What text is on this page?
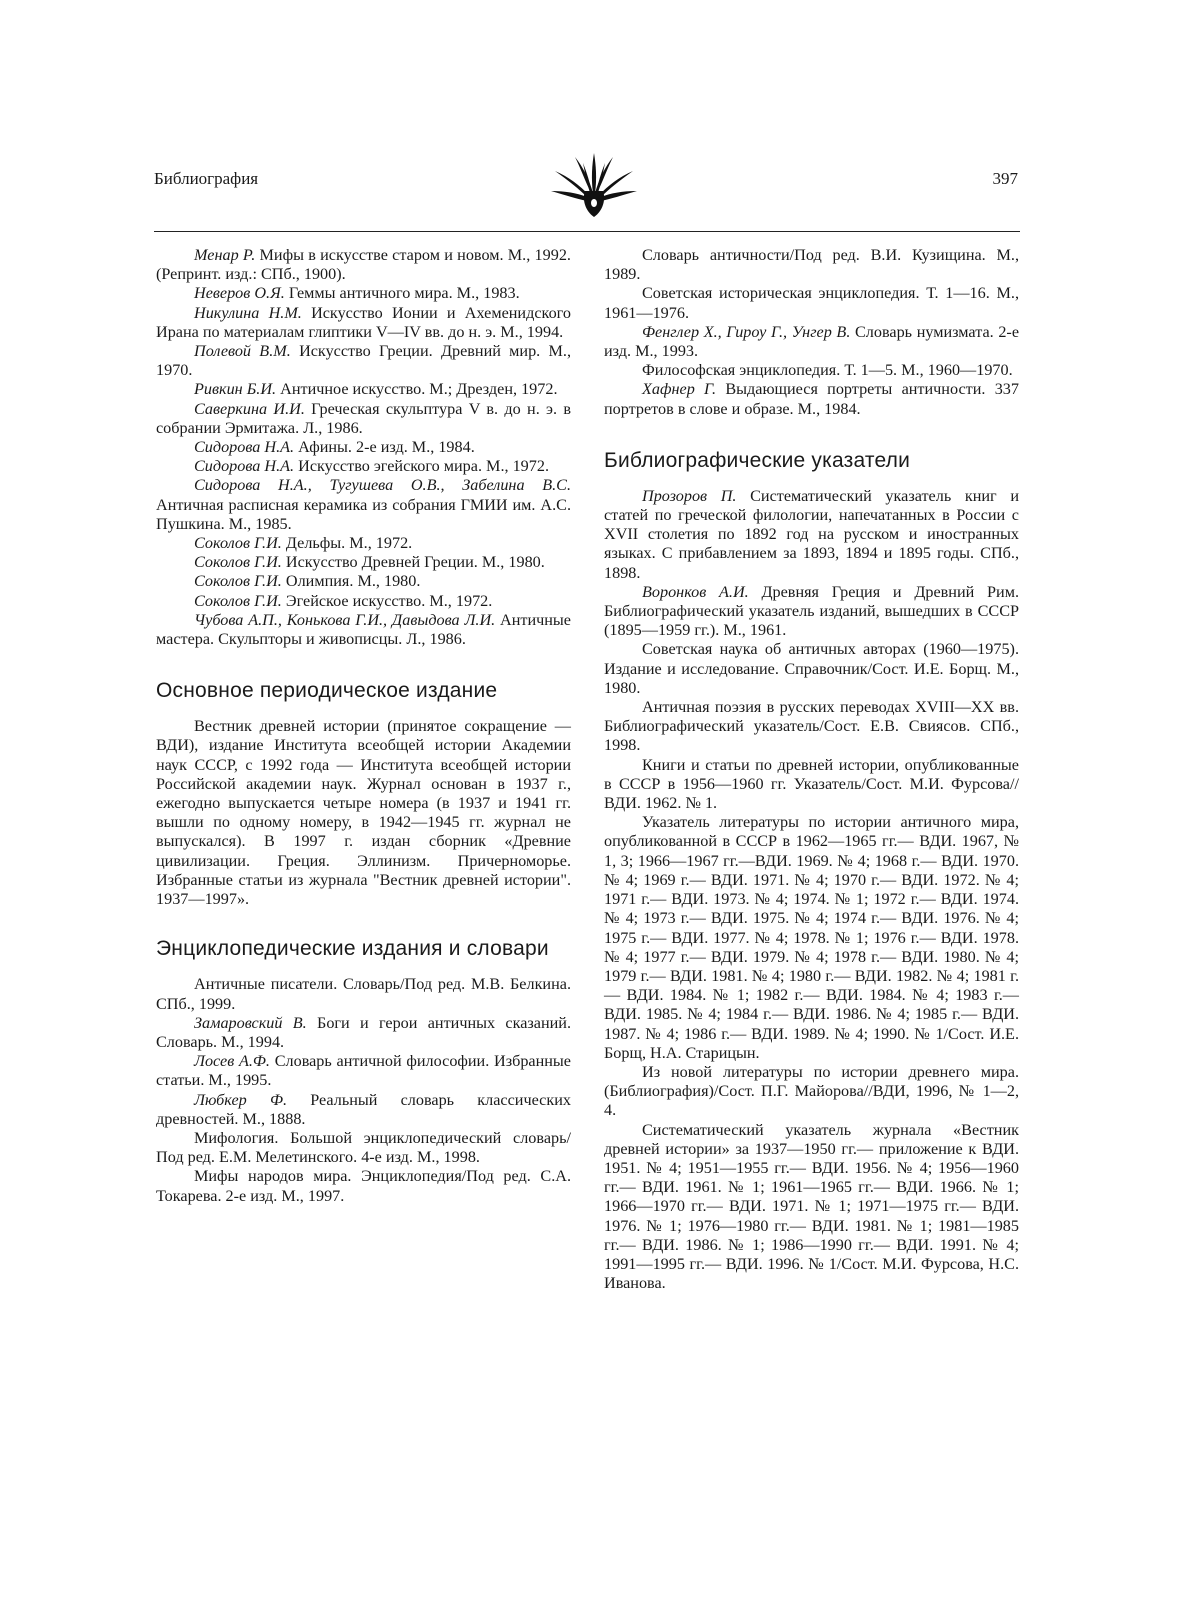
Библиография	397

Менар Р. Мифы в искусстве старом и новом. М., 1992. (Репринт. изд.: СПб., 1900).

Неверов О.Я. Геммы античного мира. М., 1983.

Никулина Н.М. Искусство Ионии и Ахеменидского Ирана по материалам глиптики V—IV вв. до н. э. М., 1994.

Полевой В.М. Искусство Греции. Древний мир. М., 1970.

Ривкин Б.И. Античное искусство. М.; Дрезден, 1972.

Саверкина И.И. Греческая скульптура V в. до н. э. в собрании Эрмитажа. Л., 1986.

Сидорова Н.А. Афины. 2-е изд. М., 1984.

Сидорова Н.А. Искусство эгейского мира. М., 1972.

Сидорова Н.А., Тугушева О.В., Забелина В.С. Античная расписная керамика из собрания ГМИИ им. А.С. Пушкина. М., 1985.

Соколов Г.И. Дельфы. М., 1972.

Соколов Г.И. Искусство Древней Греции. М., 1980.

Соколов Г.И. Олимпия. М., 1980.

Соколов Г.И. Эгейское искусство. М., 1972.

Чубова А.П., Конькова Г.И., Давыдова Л.И. Античные мастера. Скульпторы и живописцы. Л., 1986.

Основное периодическое издание

Вестник древней истории (принятое сокращение — ВДИ), издание Института всеобщей истории Академии наук СССР, с 1992 года — Института всеобщей истории Российской академии наук. Журнал основан в 1937 г., ежегодно выпускается четыре номера (в 1937 и 1941 гг. вышли по одному номеру, в 1942—1945 гг. журнал не выпускался). В 1997 г. издан сборник «Древние цивилизации. Греция. Эллинизм. Причерноморье. Избранные статьи из журнала "Вестник древней истории". 1937—1997».

Энциклопедические издания и словари

Античные писатели. Словарь/Под ред. М.В. Белкина. СПб., 1999.

Замаровский В. Боги и герои античных сказаний. Словарь. М., 1994.

Лосев А.Ф. Словарь античной философии. Избранные статьи. М., 1995.

Любкер Ф. Реальный словарь классических древностей. М., 1888.

Мифология. Большой энциклопедический словарь/Под ред. Е.М. Мелетинского. 4-е изд. М., 1998.

Мифы народов мира. Энциклопедия/Под ред. С.А. Токарева. 2-е изд. М., 1997.

Словарь античности/Под ред. В.И. Кузищина. М., 1989.

Советская историческая энциклопедия. Т. 1—16. М., 1961—1976.

Фенглер Х., Гироу Г., Унгер В. Словарь нумизмата. 2-е изд. М., 1993.

Философская энциклопедия. Т. 1—5. М., 1960—1970.

Хафнер Г. Выдающиеся портреты античности. 337 портретов в слове и образе. М., 1984.

Библиографические указатели

Прозоров П. Систематический указатель книг и статей по греческой филологии, напечатанных в России с XVII столетия по 1892 год на русском и иностранных языках. С прибавлением за 1893, 1894 и 1895 годы. СПб., 1898.

Воронков А.И. Древняя Греция и Древний Рим. Библиографический указатель изданий, вышедших в СССР (1895—1959 гг.). М., 1961.

Советская наука об античных авторах (1960—1975). Издание и исследование. Справочник/Сост. И.Е. Борщ. М., 1980.

Античная поэзия в русских переводах XVIII—XX вв. Библиографический указатель/Сост. Е.В. Свиясов. СПб., 1998.

Книги и статьи по древней истории, опубликованные в СССР в 1956—1960 гг. Указатель/Сост. М.И. Фурсова//ВДИ. 1962. № 1.

Указатель литературы по истории античного мира, опубликованной в СССР в 1962—1965 гг.— ВДИ. 1967, № 1, 3; 1966—1967 гг.—ВДИ. 1969. № 4; 1968 г.— ВДИ. 1970. № 4; 1969 г.— ВДИ. 1971. № 4; 1970 г.— ВДИ. 1972. № 4; 1971 г.— ВДИ. 1973. № 4; 1974. № 1; 1972 г.— ВДИ. 1974. № 4; 1973 г.— ВДИ. 1975. № 4; 1974 г.— ВДИ. 1976. № 4; 1975 г.— ВДИ. 1977. № 4; 1978. № 1; 1976 г.— ВДИ. 1978. № 4; 1977 г.— ВДИ. 1979. № 4; 1978 г.— ВДИ. 1980. № 4; 1979 г.— ВДИ. 1981. № 4; 1980 г.— ВДИ. 1982. № 4; 1981 г.— ВДИ. 1984. № 1; 1982 г.— ВДИ. 1984. № 4; 1983 г.— ВДИ. 1985. № 4; 1984 г.— ВДИ. 1986. № 4; 1985 г.— ВДИ. 1987. № 4; 1986 г.— ВДИ. 1989. № 4; 1990. № 1/Сост. И.Е. Борщ, Н.А. Старицын.

Из новой литературы по истории древнего мира. (Библиография)/Сост. П.Г. Майорова//ВДИ, 1996, № 1—2, 4.

Систематический указатель журнала «Вестник древней истории» за 1937—1950 гг.— приложение к ВДИ. 1951. № 4; 1951—1955 гг.— ВДИ. 1956. № 4; 1956—1960 гг.— ВДИ. 1961. № 1; 1961—1965 гг.— ВДИ. 1966. № 1; 1966—1970 гг.— ВДИ. 1971. № 1; 1971—1975 гг.— ВДИ. 1976. № 1; 1976—1980 гг.— ВДИ. 1981. № 1; 1981—1985 гг.— ВДИ. 1986. № 1; 1986—1990 гг.— ВДИ. 1991. № 4; 1991—1995 гг.— ВДИ. 1996. № 1/Сост. М.И. Фурсова, Н.С. Иванова.
